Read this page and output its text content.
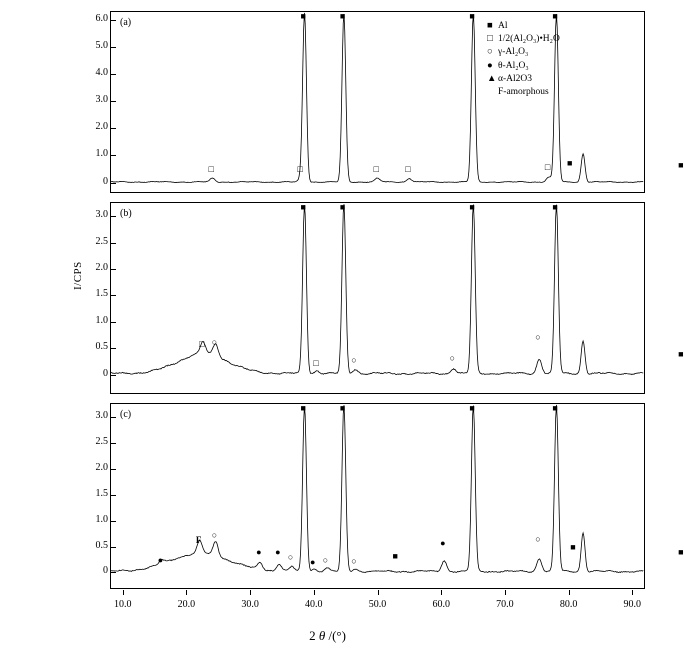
I/CPS
(a)
□
■	■
□	□	□
■	■
□ ■	■
(b)
□ ○
■	■
□	○
■
○
■
○
■
(c)
●
F
○
● ●
○
■
● ○
■
○
■
●
■
○
■
■
■
0
1.0
2.0
3.0
4.0
5.0
6.0
0
0.5
1.0
1.5
2.0
2.5
3.0
0
0.5
1.0
1.5
2.0
2.5
3.0
10.0	20.0	30.0	40.0	50.0	60.0	70.0	80.0	90.0
2 θ /(°)
■ Al
□ 1/2(Al₂O₃)•H₂O
○ γ-Al₂O₃
● θ-Al₂O₃
▲ α-Al2O3
F-amorphous
